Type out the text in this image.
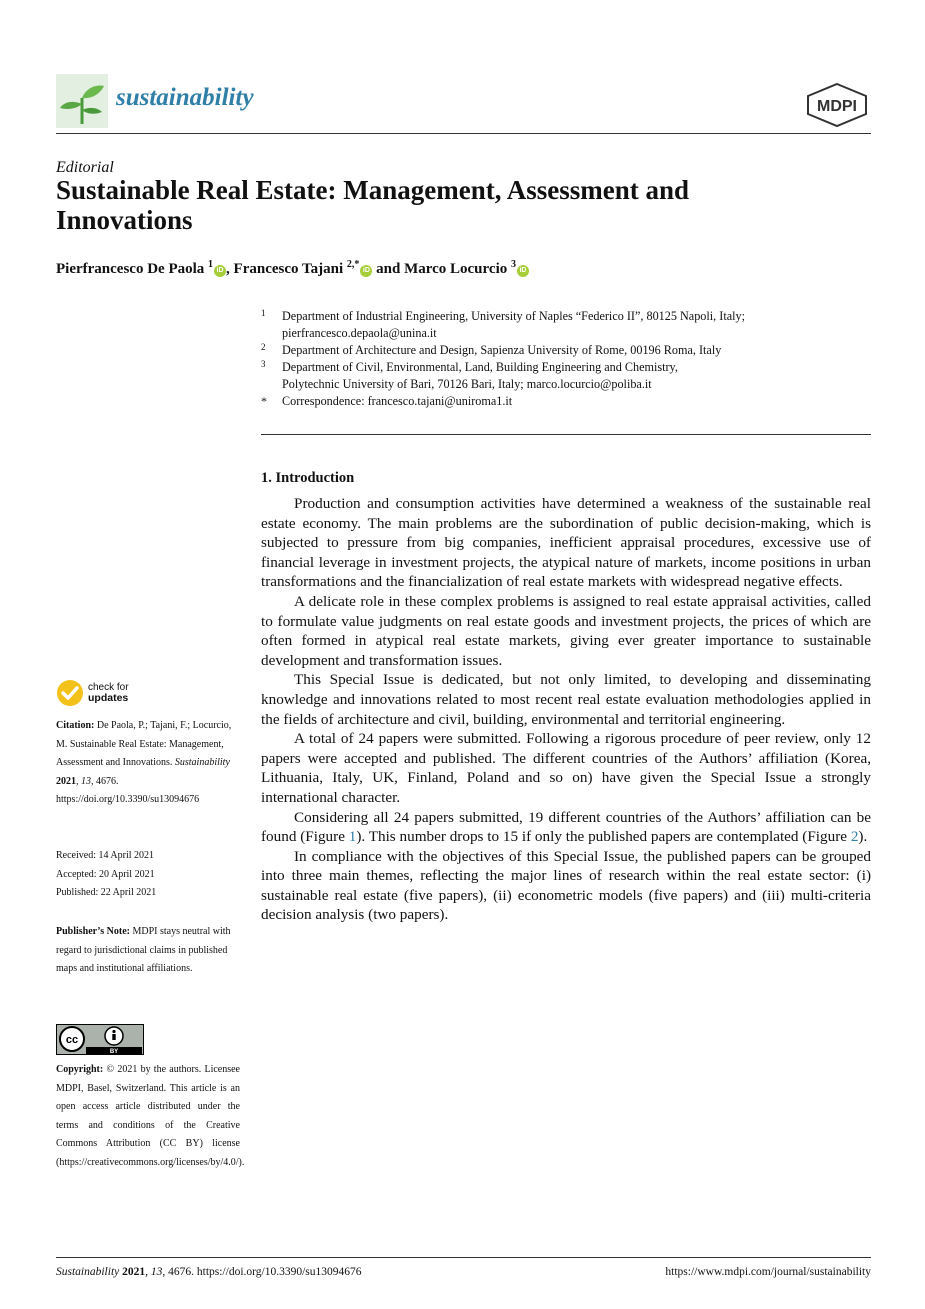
sustainability	MDPI
Editorial
Sustainable Real Estate: Management, Assessment and Innovations
Pierfrancesco De Paola $^1$iD , Francesco Tajani $^{2,*}$iD and Marco Locurcio $^3$iD
1 Department of Industrial Engineering, University of Naples “Federico II”, 80125 Napoli, Italy;
pierfrancesco.depaola@unina.it
2 Department of Architecture and Design, Sapienza University of Rome, 00196 Roma, Italy
3 Department of Civil, Environmental, Land, Building Engineering and Chemistry,
Polytechnic University of Bari, 70126 Bari, Italy; marco.locurcio@poliba.it
* Correspondence: francesco.tajani@uniroma1.it
1. Introduction

Production and consumption activities have determined a weakness of the sustainable real estate economy. The main problems are the subordination of public decision-making, which is subjected to pressure from big companies, inefficient appraisal procedures, excessive use of financial leverage in investment projects, the atypical nature of markets, income positions in urban transformations and the financialization of real estate markets with widespread negative effects.

A delicate role in these complex problems is assigned to real estate appraisal activities, called to formulate value judgments on real estate goods and investment projects, the prices of which are often formed in atypical real estate markets, giving ever greater importance to sustainable development and transformation issues.

This Special Issue is dedicated, but not only limited, to developing and disseminating knowledge and innovations related to most recent real estate evaluation methodologies applied in the fields of architecture and civil, building, environmental and territorial engineering.

A total of 24 papers were submitted. Following a rigorous procedure of peer review, only 12 papers were accepted and published. The different countries of the Authors’ affiliation (Korea, Lithuania, Italy, UK, Finland, Poland and so on) have given the Special Issue a strongly international character.

Considering all 24 papers submitted, 19 different countries of the Authors’ affiliation can be found (Figure 1). This number drops to 15 if only the published papers are contemplated (Figure 2).

In compliance with the objectives of this Special Issue, the published papers can be grouped into three main themes, reflecting the major lines of research within the real estate sector: (i) sustainable real estate (five papers), (ii) econometric models (five papers) and (iii) multi-criteria decision analysis (two papers).

check for
updates
Citation: De Paola, P.; Tajani, F.; Locurcio, M. Sustainable Real Estate: Management, Assessment and Innovations. Sustainability 2021, 13, 4676. https://doi.org/10.3390/su13094676
Received: 14 April 2021
Accepted: 20 April 2021
Published: 22 April 2021
Publisher’s Note: MDPI stays neutral with regard to jurisdictional claims in published maps and institutional affiliations.
cc
BY
Copyright: © 2021 by the authors. Licensee MDPI, Basel, Switzerland. This article is an open access article distributed under the terms and conditions of the Creative Commons Attribution (CC BY) license (https://creativecommons.org/licenses/by/4.0/).
Sustainability 2021, 13, 4676. https://doi.org/10.3390/su13094676	https://www.mdpi.com/journal/sustainability
